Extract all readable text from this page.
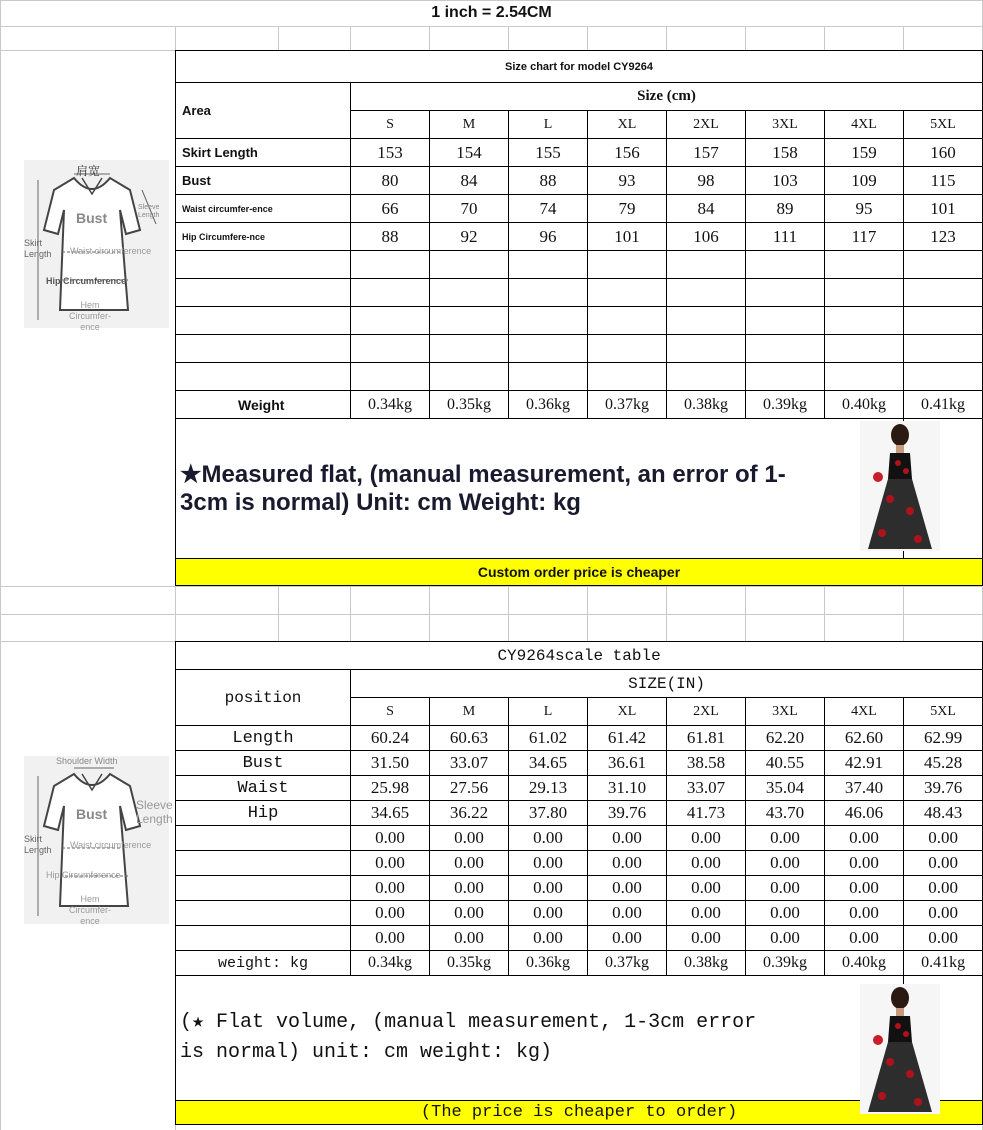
1 inch = 2.54CM
Size chart for model CY9264								
Area	Size (cm)							
	S	M	L	XL	2XL	3XL	4XL	5XL
Skirt Length	153	154	155	156	157	158	159	160
Bust	80	84	88	93	98	103	109	115
Waist circumfer-ence	66	70	74	79	84	89	95	101
Hip Circumfere-nce	88	92	96	101	106	111	117	123

Weight	0.34kg	0.35kg	0.36kg	0.37kg	0.38kg	0.39kg	0.40kg	0.41kg

★Measured flat, (manual measurement, an error of 1-3cm is normal) Unit: cm Weight: kg								

Custom order price is cheaper								
CY9264scale table								
position	SIZE(IN)							
	S	M	L	XL	2XL	3XL	4XL	5XL
Length	60.24	60.63	61.02	61.42	61.81	62.20	62.60	62.99
Bust	31.50	33.07	34.65	36.61	38.58	40.55	42.91	45.28
Waist	25.98	27.56	29.13	31.10	33.07	35.04	37.40	39.76
Hip	34.65	36.22	37.80	39.76	41.73	43.70	46.06	48.43
	0.00	0.00	0.00	0.00	0.00	0.00	0.00	0.00
	0.00	0.00	0.00	0.00	0.00	0.00	0.00	0.00
	0.00	0.00	0.00	0.00	0.00	0.00	0.00	0.00
	0.00	0.00	0.00	0.00	0.00	0.00	0.00	0.00
	0.00	0.00	0.00	0.00	0.00	0.00	0.00	0.00
weight: kg	0.34kg	0.35kg	0.36kg	0.37kg	0.38kg	0.39kg	0.40kg	0.41kg

(★ Flat volume, (manual measurement, 1-3cm error is normal) unit: cm weight: kg)								

(The price is cheaper to order)								
肩宽
Bust
Sleeve Length
Skirt Length Waist circumference
Hip Circumference
Hem Circumfer-ence
Shoulder Width
Bust
Sleeve Length
Skirt Length Waist circumference
Hip Circumference
Hem Circumfer-ence
